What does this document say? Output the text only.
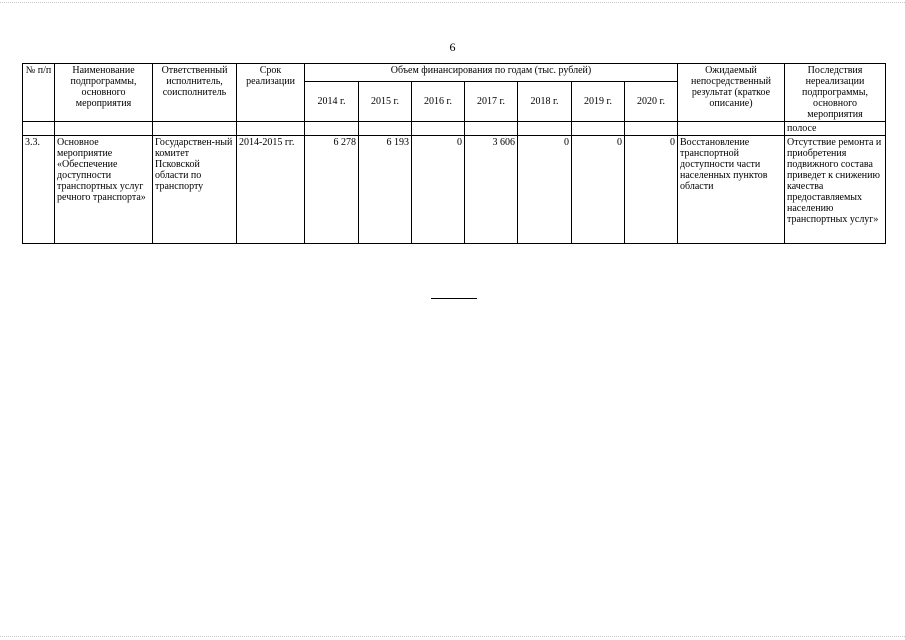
6
№ п/п	Наименование подпрограммы, основного мероприятия	Ответственный исполнитель, соисполнитель	Срок реализации	Объем финансирования по годам (тыс. рублей)							Ожидаемый непосредственный результат (краткое описание)	Последствия нереализации подпрограммы, основного мероприятия
				2014 г.	2015 г.	2016 г.	2017 г.	2018 г.	2019 г.	2020 г.		
												полосе
3.3.	Основное мероприятие «Обеспечение доступности транспортных услуг речного транспорта»	Государствен-ный комитет Псковской области по транспорту	2014-2015 гг.	6 278	6 193	0	3 606	0	0	0	Восстановление транспортной доступности части населенных пунктов области	Отсутствие ремонта и приобретения подвижного состава приведет к снижению качества предоставляемых населению транспортных услуг»
